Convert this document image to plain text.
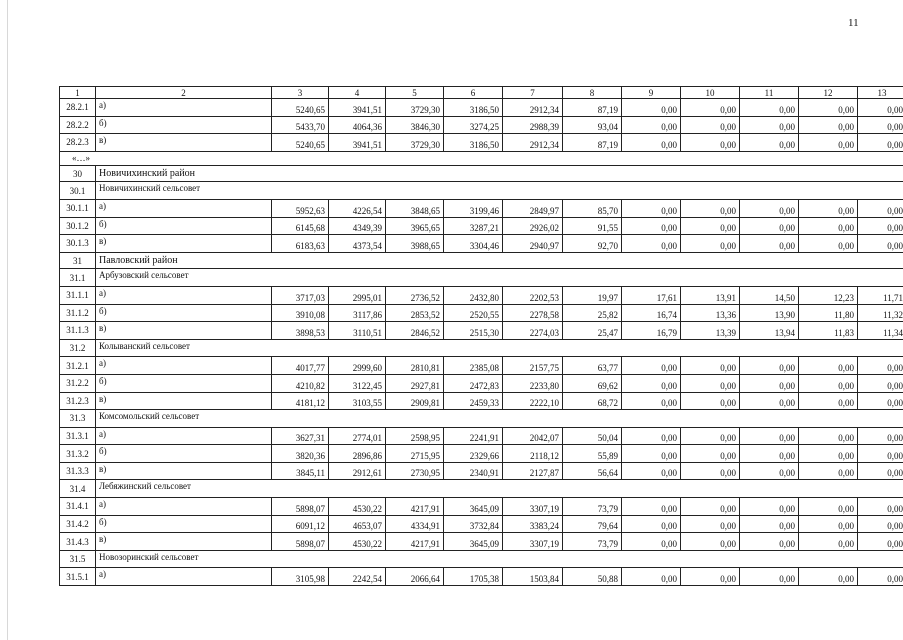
11
1	2	3	4	5	6	7	8	9	10	11	12	13
28.2.1	а)	5240,65	3941,51	3729,30	3186,50	2912,34	87,19	0,00	0,00	0,00	0,00	0,00
28.2.2	б)	5433,70	4064,36	3846,30	3274,25	2988,39	93,04	0,00	0,00	0,00	0,00	0,00
28.2.3	в)	5240,65	3941,51	3729,30	3186,50	2912,34	87,19	0,00	0,00	0,00	0,00	0,00
«…»												
30	Новичихинский район											
30.1	Новичихинский сельсовет											
30.1.1	а)	5952,63	4226,54	3848,65	3199,46	2849,97	85,70	0,00	0,00	0,00	0,00	0,00
30.1.2	б)	6145,68	4349,39	3965,65	3287,21	2926,02	91,55	0,00	0,00	0,00	0,00	0,00
30.1.3	в)	6183,63	4373,54	3988,65	3304,46	2940,97	92,70	0,00	0,00	0,00	0,00	0,00
31	Павловский район											
31.1	Арбузовский сельсовет											
31.1.1	а)	3717,03	2995,01	2736,52	2432,80	2202,53	19,97	17,61	13,91	14,50	12,23	11,71
31.1.2	б)	3910,08	3117,86	2853,52	2520,55	2278,58	25,82	16,74	13,36	13,90	11,80	11,32
31.1.3	в)	3898,53	3110,51	2846,52	2515,30	2274,03	25,47	16,79	13,39	13,94	11,83	11,34
31.2	Колыванский сельсовет											
31.2.1	а)	4017,77	2999,60	2810,81	2385,08	2157,75	63,77	0,00	0,00	0,00	0,00	0,00
31.2.2	б)	4210,82	3122,45	2927,81	2472,83	2233,80	69,62	0,00	0,00	0,00	0,00	0,00
31.2.3	в)	4181,12	3103,55	2909,81	2459,33	2222,10	68,72	0,00	0,00	0,00	0,00	0,00
31.3	Комсомольский сельсовет											
31.3.1	а)	3627,31	2774,01	2598,95	2241,91	2042,07	50,04	0,00	0,00	0,00	0,00	0,00
31.3.2	б)	3820,36	2896,86	2715,95	2329,66	2118,12	55,89	0,00	0,00	0,00	0,00	0,00
31.3.3	в)	3845,11	2912,61	2730,95	2340,91	2127,87	56,64	0,00	0,00	0,00	0,00	0,00
31.4	Лебяжинский сельсовет											
31.4.1	а)	5898,07	4530,22	4217,91	3645,09	3307,19	73,79	0,00	0,00	0,00	0,00	0,00
31.4.2	б)	6091,12	4653,07	4334,91	3732,84	3383,24	79,64	0,00	0,00	0,00	0,00	0,00
31.4.3	в)	5898,07	4530,22	4217,91	3645,09	3307,19	73,79	0,00	0,00	0,00	0,00	0,00
31.5	Новозоринский сельсовет											
31.5.1	а)	3105,98	2242,54	2066,64	1705,38	1503,84	50,88	0,00	0,00	0,00	0,00	0,00
